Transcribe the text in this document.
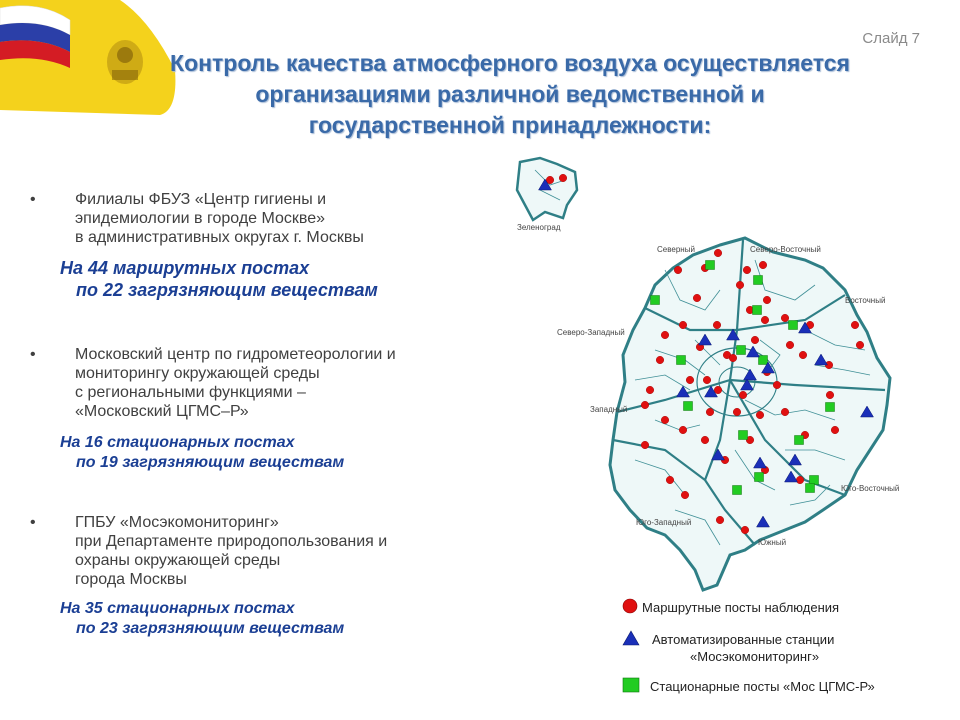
Слайд 7
Контроль качества атмосферного воздуха осуществляется
организациями различной ведомственной и
государственной принадлежности:
• Филиалы ФБУЗ «Центр гигиены и
эпидемиологии в городе Москве»
в административных округах г. Москвы
На 44 маршрутных постах
по 22 загрязняющим веществам
• Московский центр по гидрометеорологии и
мониторингу окружающей среды
с региональными функциями –
«Московский ЦГМС–Р»
На 16 стационарных постах
по 19 загрязняющим веществам
• ГПБУ «Мосэкомониторинг»
при Департаменте природопользования и
охраны окружающей среды
города Москвы
На 35 стационарных постах
по 23 загрязняющим веществам
Зеленоград
Северный	Северо-Восточный
Восточный
Северо-Западный
Западный
Юго-Восточный
Юго-Западный
Южный
Маршрутные посты наблюдения
Автоматизированные станции
«Мосэкомониторинг»
Стационарные посты «Мос ЦГМС-Р»
